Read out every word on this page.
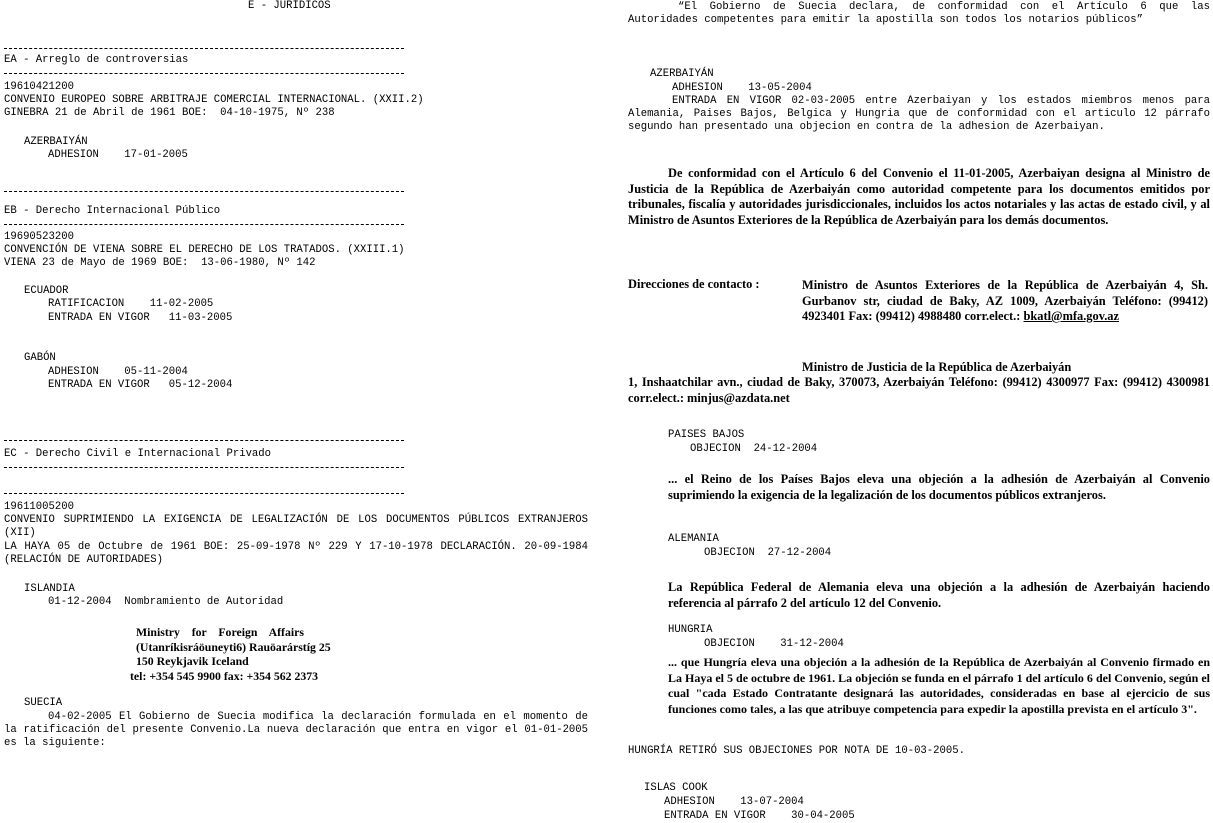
E - JURÍDICOS
EA - Arreglo de controversias
19610421200
CONVENIO EUROPEO SOBRE ARBITRAJE COMERCIAL INTERNACIONAL. (XXII.2)
GINEBRA 21 de Abril de 1961 BOE:  04-10-1975, Nº 238
AZERBAIYÁN
ADHESION    17-01-2005
EB - Derecho Internacional Público
19690523200
CONVENCIÓN DE VIENA SOBRE EL DERECHO DE LOS TRATADOS. (XXIII.1)
VIENA 23 de Mayo de 1969 BOE:  13-06-1980, Nº 142
ECUADOR
RATIFICACION    11-02-2005
ENTRADA EN VIGOR   11-03-2005
GABÓN
ADHESION    05-11-2004
ENTRADA EN VIGOR   05-12-2004
EC - Derecho Civil e Internacional Privado
19611005200
CONVENIO SUPRIMIENDO LA EXIGENCIA DE LEGALIZACIÓN DE LOS DOCUMENTOS PÚBLICOS EXTRANJEROS (XII)
LA HAYA 05 de Octubre de 1961 BOE: 25-09-1978 Nº 229 Y 17-10-1978 DECLARACIÓN. 20-09-1984 (RELACIÓN DE AUTORIDADES)
ISLANDIA
01-12-2004  Nombramiento de Autoridad
Ministry    for    Foreign    Affairs
(Utanríkisráöuneyti6) Rauöarárstíg 25
150 Reykjavik Iceland
tel: +354 545 9900 fax: +354 562 2373
SUECIA
04-02-2005 El Gobierno de Suecia modifica la declaración formulada en el momento de la ratificación del presente Convenio.La nueva declaración que entra en vigor el 01-01-2005 es la siguiente:
“El Gobierno de Suecia declara, de conformidad con el Artículo 6 que las Autoridades competentes para emitir la apostilla son todos los notarios públicos”
AZERBAIYÁN
ADHESION    13-05-2004
ENTRADA EN VIGOR 02-03-2005 entre Azerbaiyan y los estados miembros menos para Alemania, Paises Bajos, Belgica y Hungria que de conformidad con el articulo 12 párrafo segundo han presentado una objecion en contra de la adhesion de Azerbaiyan.
De conformidad con el Artículo 6 del Convenio el 11-01-2005, Azerbaiyan designa al Ministro de Justicia de la República de Azerbaiyán como autoridad competente para los documentos emitidos por tribunales, fiscalía y autoridades jurisdiccionales, incluidos los actos notariales y las actas de estado civil, y al Ministro de Asuntos Exteriores de la República de Azerbaiyán para los demás documentos.
Direcciones de contacto :	Ministro de Asuntos Exteriores de la República de Azerbaiyán 4, Sh. Gurbanov str, ciudad de Baky, AZ 1009, Azerbaiyán Teléfono: (99412) 4923401 Fax: (99412) 4988480 corr.elect.: bkatl@mfa.gov.az
Ministro de Justicia de la República de Azerbaiyán
1, Inshaatchilar avn., ciudad de Baky, 370073, Azerbaiyán Teléfono: (99412) 4300977 Fax: (99412) 4300981 corr.elect.: minjus@azdata.net
PAISES BAJOS
OBJECION  24-12-2004
... el Reino de los Países Bajos eleva una objeción a la adhesión de Azerbaiyán al Convenio suprimiendo la exigencia de la legalización de los documentos públicos extranjeros.
ALEMANIA
OBJECION  27-12-2004
La República Federal de Alemania eleva una objeción a la adhesión de Azerbaiyán haciendo referencia al párrafo 2 del artículo 12 del Convenio.
HUNGRIA
OBJECION    31-12-2004
... que Hungría eleva una objeción a la adhesión de la República de Azerbaiyán al Convenio firmado en La Haya el 5 de octubre de 1961. La objeción se funda en el párrafo 1 del artículo 6 del Convenio, según el cual "cada Estado Contratante designará las autoridades, consideradas en base al ejercicio de sus funciones como tales, a las que atribuye competencia para expedir la apostilla prevista en el artículo 3".
HUNGRÍA RETIRÓ SUS OBJECIONES POR NOTA DE 10-03-2005.
ISLAS COOK
ADHESION    13-07-2004
ENTRADA EN VIGOR    30-04-2005
